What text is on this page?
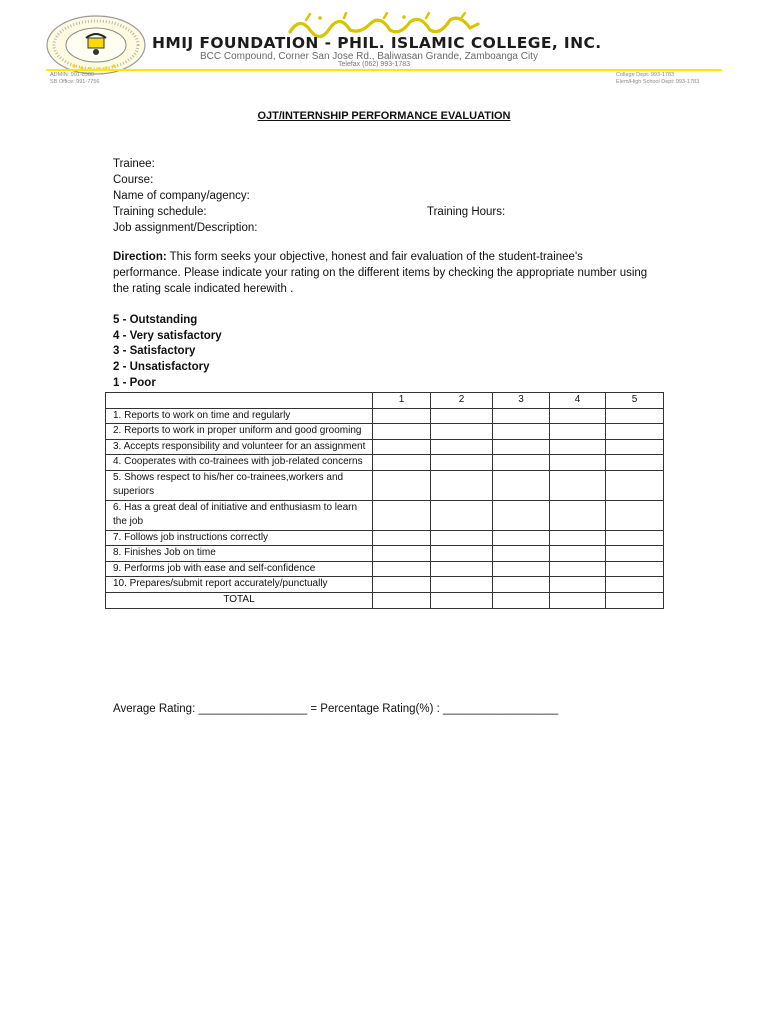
HMIJ FOUNDATION - PHIL. ISLAMIC COLLEGE, INC.
BCC Compound, Corner San Jose Rd., Baliwasan Grande, Zamboanga City
Telefax (062) 993-1783
ADMIN: 991-8980
SB Office: 991-7756
College Dept: 993-1783
Elem/High School Dept: 993-1783
OJT/INTERNSHIP PERFORMANCE EVALUATION
Trainee:
Course:
Name of company/agency:
Training schedule:	Training Hours:
Job assignment/Description:
Direction: This form seeks your objective, honest and fair evaluation of the student-trainee's performance. Please indicate your rating on the different items by checking the appropriate number using the rating scale indicated herewith .
5 - Outstanding
4 - Very satisfactory
3 - Satisfactory
2 - Unsatisfactory
1 - Poor
	1	2	3	4	5
1. Reports to work on time and regularly					
2. Reports to work in proper uniform and good grooming					
3. Accepts responsibility and volunteer for an assignment					
4. Cooperates with co-trainees with job-related concerns					
5. Shows respect to his/her co-trainees,workers and superiors					
6. Has a great deal of initiative and enthusiasm to learn the job					
7. Follows job instructions correctly					
8. Finishes Job on time					
9. Performs job with ease and self-confidence					
10. Prepares/submit report accurately/punctually					
TOTAL					
Average Rating: _________________ = Percentage Rating(%) : __________________
